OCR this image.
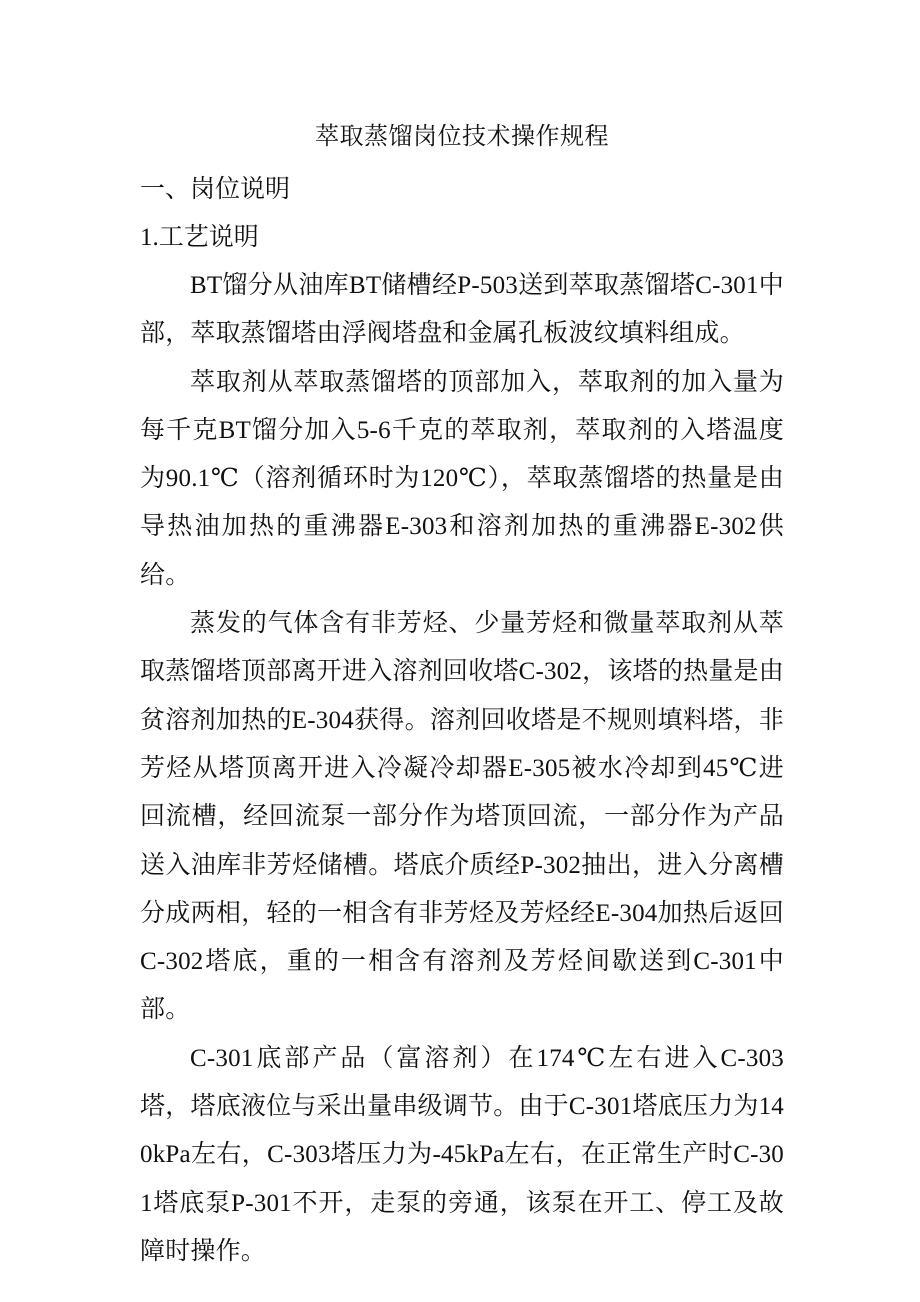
萃取蒸馏岗位技术操作规程
一、岗位说明
1.工艺说明

BT馏分从油库BT储槽经P-503送到萃取蒸馏塔C-301中部，萃取蒸馏塔由浮阀塔盘和金属孔板波纹填料组成。

萃取剂从萃取蒸馏塔的顶部加入，萃取剂的加入量为每千克BT馏分加入5-6千克的萃取剂，萃取剂的入塔温度为90.1℃（溶剂循环时为120℃），萃取蒸馏塔的热量是由导热油加热的重沸器E-303和溶剂加热的重沸器E-302供给。

蒸发的气体含有非芳烃、少量芳烃和微量萃取剂从萃取蒸馏塔顶部离开进入溶剂回收塔C-302，该塔的热量是由贫溶剂加热的E-304获得。溶剂回收塔是不规则填料塔，非芳烃从塔顶离开进入冷凝冷却器E-305被水冷却到45℃进回流槽，经回流泵一部分作为塔顶回流，一部分作为产品送入油库非芳烃储槽。塔底介质经P-302抽出，进入分离槽分成两相，轻的一相含有非芳烃及芳烃经E-304加热后返回C-302塔底，重的一相含有溶剂及芳烃间歇送到C-301中部。

C-301底部产品（富溶剂）在174℃左右进入C-303塔，塔底液位与采出量串级调节。由于C-301塔底压力为140kPa左右，C-303塔压力为-45kPa左右，在正常生产时C-301塔底泵P-301不开，走泵的旁通，该泵在开工、停工及故障时操作。
